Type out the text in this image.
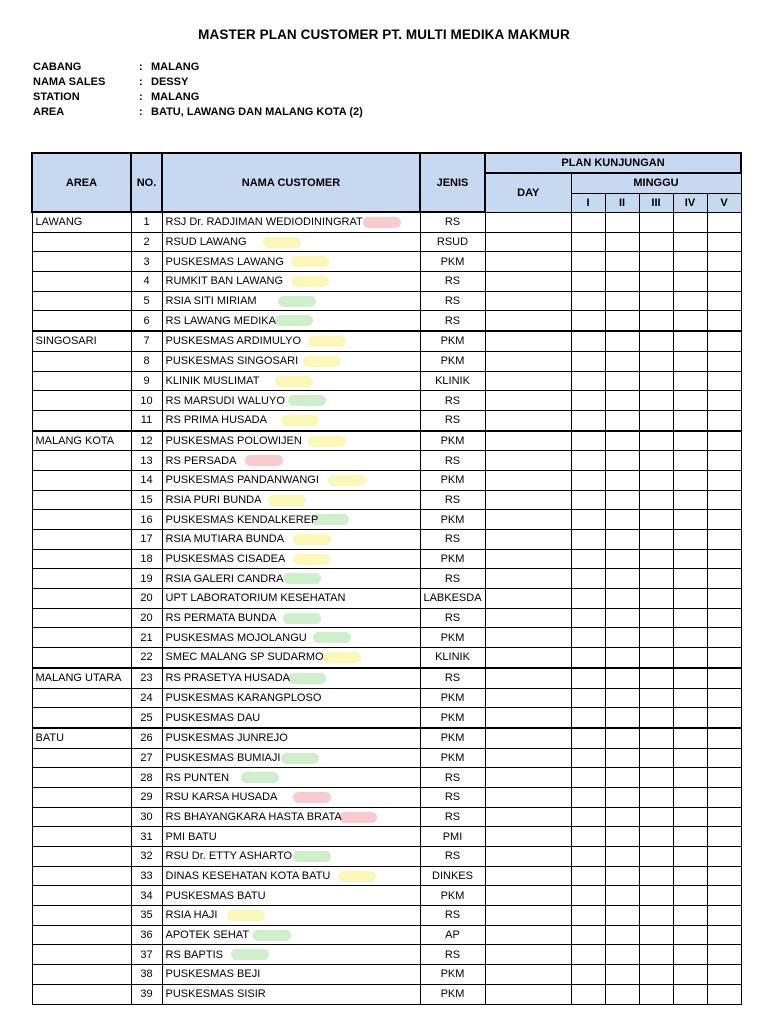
MASTER PLAN CUSTOMER PT. MULTI MEDIKA MAKMUR
CABANG	: MALANG
NAMA SALES	: DESSY
STATION	: MALANG
AREA	: BATU, LAWANG DAN MALANG KOTA (2)
AREA	NO.	NAMA CUSTOMER	JENIS	PLAN KUNJUNGAN					
				DAY	MINGGU				
					I	II	III	IV	V
LAWANG	1	RSJ Dr. RADJIMAN WEDIODININGRAT	RS						
	2	RSUD LAWANG	RSUD						
	3	PUSKESMAS LAWANG	PKM						
	4	RUMKIT BAN LAWANG	RS						
	5	RSIA SITI MIRIAM	RS						
	6	RS LAWANG MEDIKA	RS						
SINGOSARI	7	PUSKESMAS ARDIMULYO	PKM						
	8	PUSKESMAS SINGOSARI	PKM						
	9	KLINIK MUSLIMAT	KLINIK						
	10	RS MARSUDI WALUYO	RS						
	11	RS PRIMA HUSADA	RS						
MALANG KOTA	12	PUSKESMAS POLOWIJEN	PKM						
	13	RS PERSADA	RS						
	14	PUSKESMAS PANDANWANGI	PKM						
	15	RSIA PURI BUNDA	RS						
	16	PUSKESMAS KENDALKEREP	PKM						
	17	RSIA MUTIARA BUNDA	RS						
	18	PUSKESMAS CISADEA	PKM						
	19	RSIA GALERI CANDRA	RS						
	20	UPT LABORATORIUM KESEHATAN	LABKESDA						
	20	RS PERMATA BUNDA	RS						
	21	PUSKESMAS MOJOLANGU	PKM						
	22	SMEC MALANG SP SUDARMO	KLINIK						
MALANG UTARA	23	RS PRASETYA HUSADA	RS						
	24	PUSKESMAS KARANGPLOSO	PKM						
	25	PUSKESMAS DAU	PKM						
BATU	26	PUSKESMAS JUNREJO	PKM						
	27	PUSKESMAS BUMIAJI	PKM						
	28	RS PUNTEN	RS						
	29	RSU KARSA HUSADA	RS						
	30	RS BHAYANGKARA HASTA BRATA	RS						
	31	PMI BATU	PMI						
	32	RSU Dr. ETTY ASHARTO	RS						
	33	DINAS KESEHATAN KOTA BATU	DINKES						
	34	PUSKESMAS BATU	PKM						
	35	RSIA HAJI	RS						
	36	APOTEK SEHAT	AP						
	37	RS BAPTIS	RS						
	38	PUSKESMAS BEJI	PKM						
	39	PUSKESMAS SISIR	PKM						
